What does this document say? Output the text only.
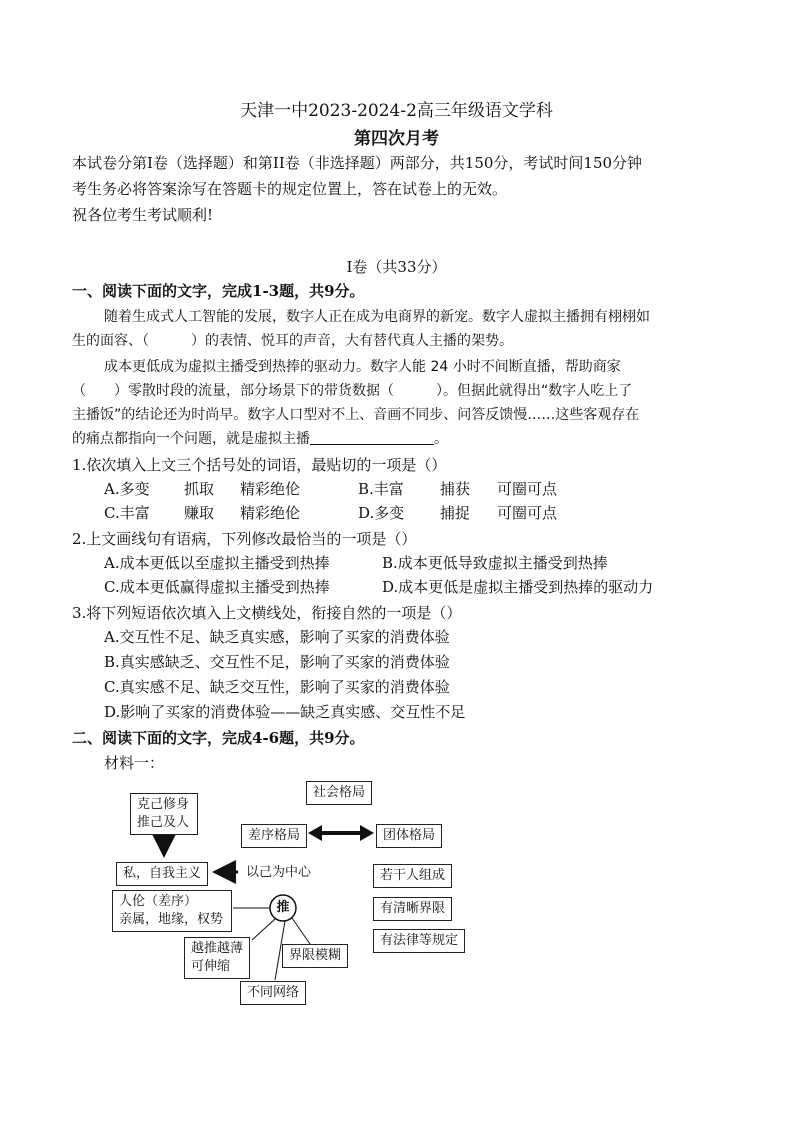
天津一中2023-2024-2高三年级语文学科
第四次月考
本试卷分第I卷（选择题）和第II卷（非选择题）两部分，共150分，考试时间150分钟
考生务必将答案涂写在答题卡的规定位置上，答在试卷上的无效。
祝各位考生考试顺利!
I卷（共33分）
一、阅读下面的文字，完成1-3题，共9分。
随着生成式人工智能的发展，数字人正在成为电商界的新宠。数字人虚拟主播拥有栩栩如
生的面容、（　　　）的表情、悦耳的声音，大有替代真人主播的架势。
成本更低成为虚拟主播受到热捧的驱动力。数字人能 24 小时不间断直播，帮助商家
（　　）零散时段的流量，部分场景下的带货数据（　　　）。但据此就得出“数字人吃上了
主播饭”的结论还为时尚早。数字人口型对不上、音画不同步、问答反馈慢……这些客观存在
的痛点都指向一个问题，就是虚拟主播	。
1.依次填入上文三个括号处的词语，最贴切的一项是（）
A.多变 抓取 精彩绝伦	B.丰富 捕获 可圈可点
C.丰富 赚取 精彩绝伦	D.多变 捕捉 可圈可点
2.上文画线句有语病，下列修改最恰当的一项是（）
A.成本更低以至虚拟主播受到热捧	B.成本更低导致虚拟主播受到热捧
C.成本更低赢得虚拟主播受到热捧	D.成本更低是虚拟主播受到热捧的驱动力
3.将下列短语依次填入上文横线处，衔接自然的一项是（）
A.交互性不足、缺乏真实感，影响了买家的消费体验
B.真实感缺乏、交互性不足，影响了买家的消费体验
C.真实感不足、缺乏交互性，影响了买家的消费体验
D.影响了买家的消费体验——缺乏真实感、交互性不足
二、阅读下面的文字，完成4-6题，共9分。
材料一：
推
社会格局
克己修身
推己及人
差序格局	团体格局
私，自我主义	以己为中心
人伦（差序）
亲属，地缘，权势
越推越薄
可伸缩
界限模糊
不同网络
若干人组成
有清晰界限
有法律等规定
